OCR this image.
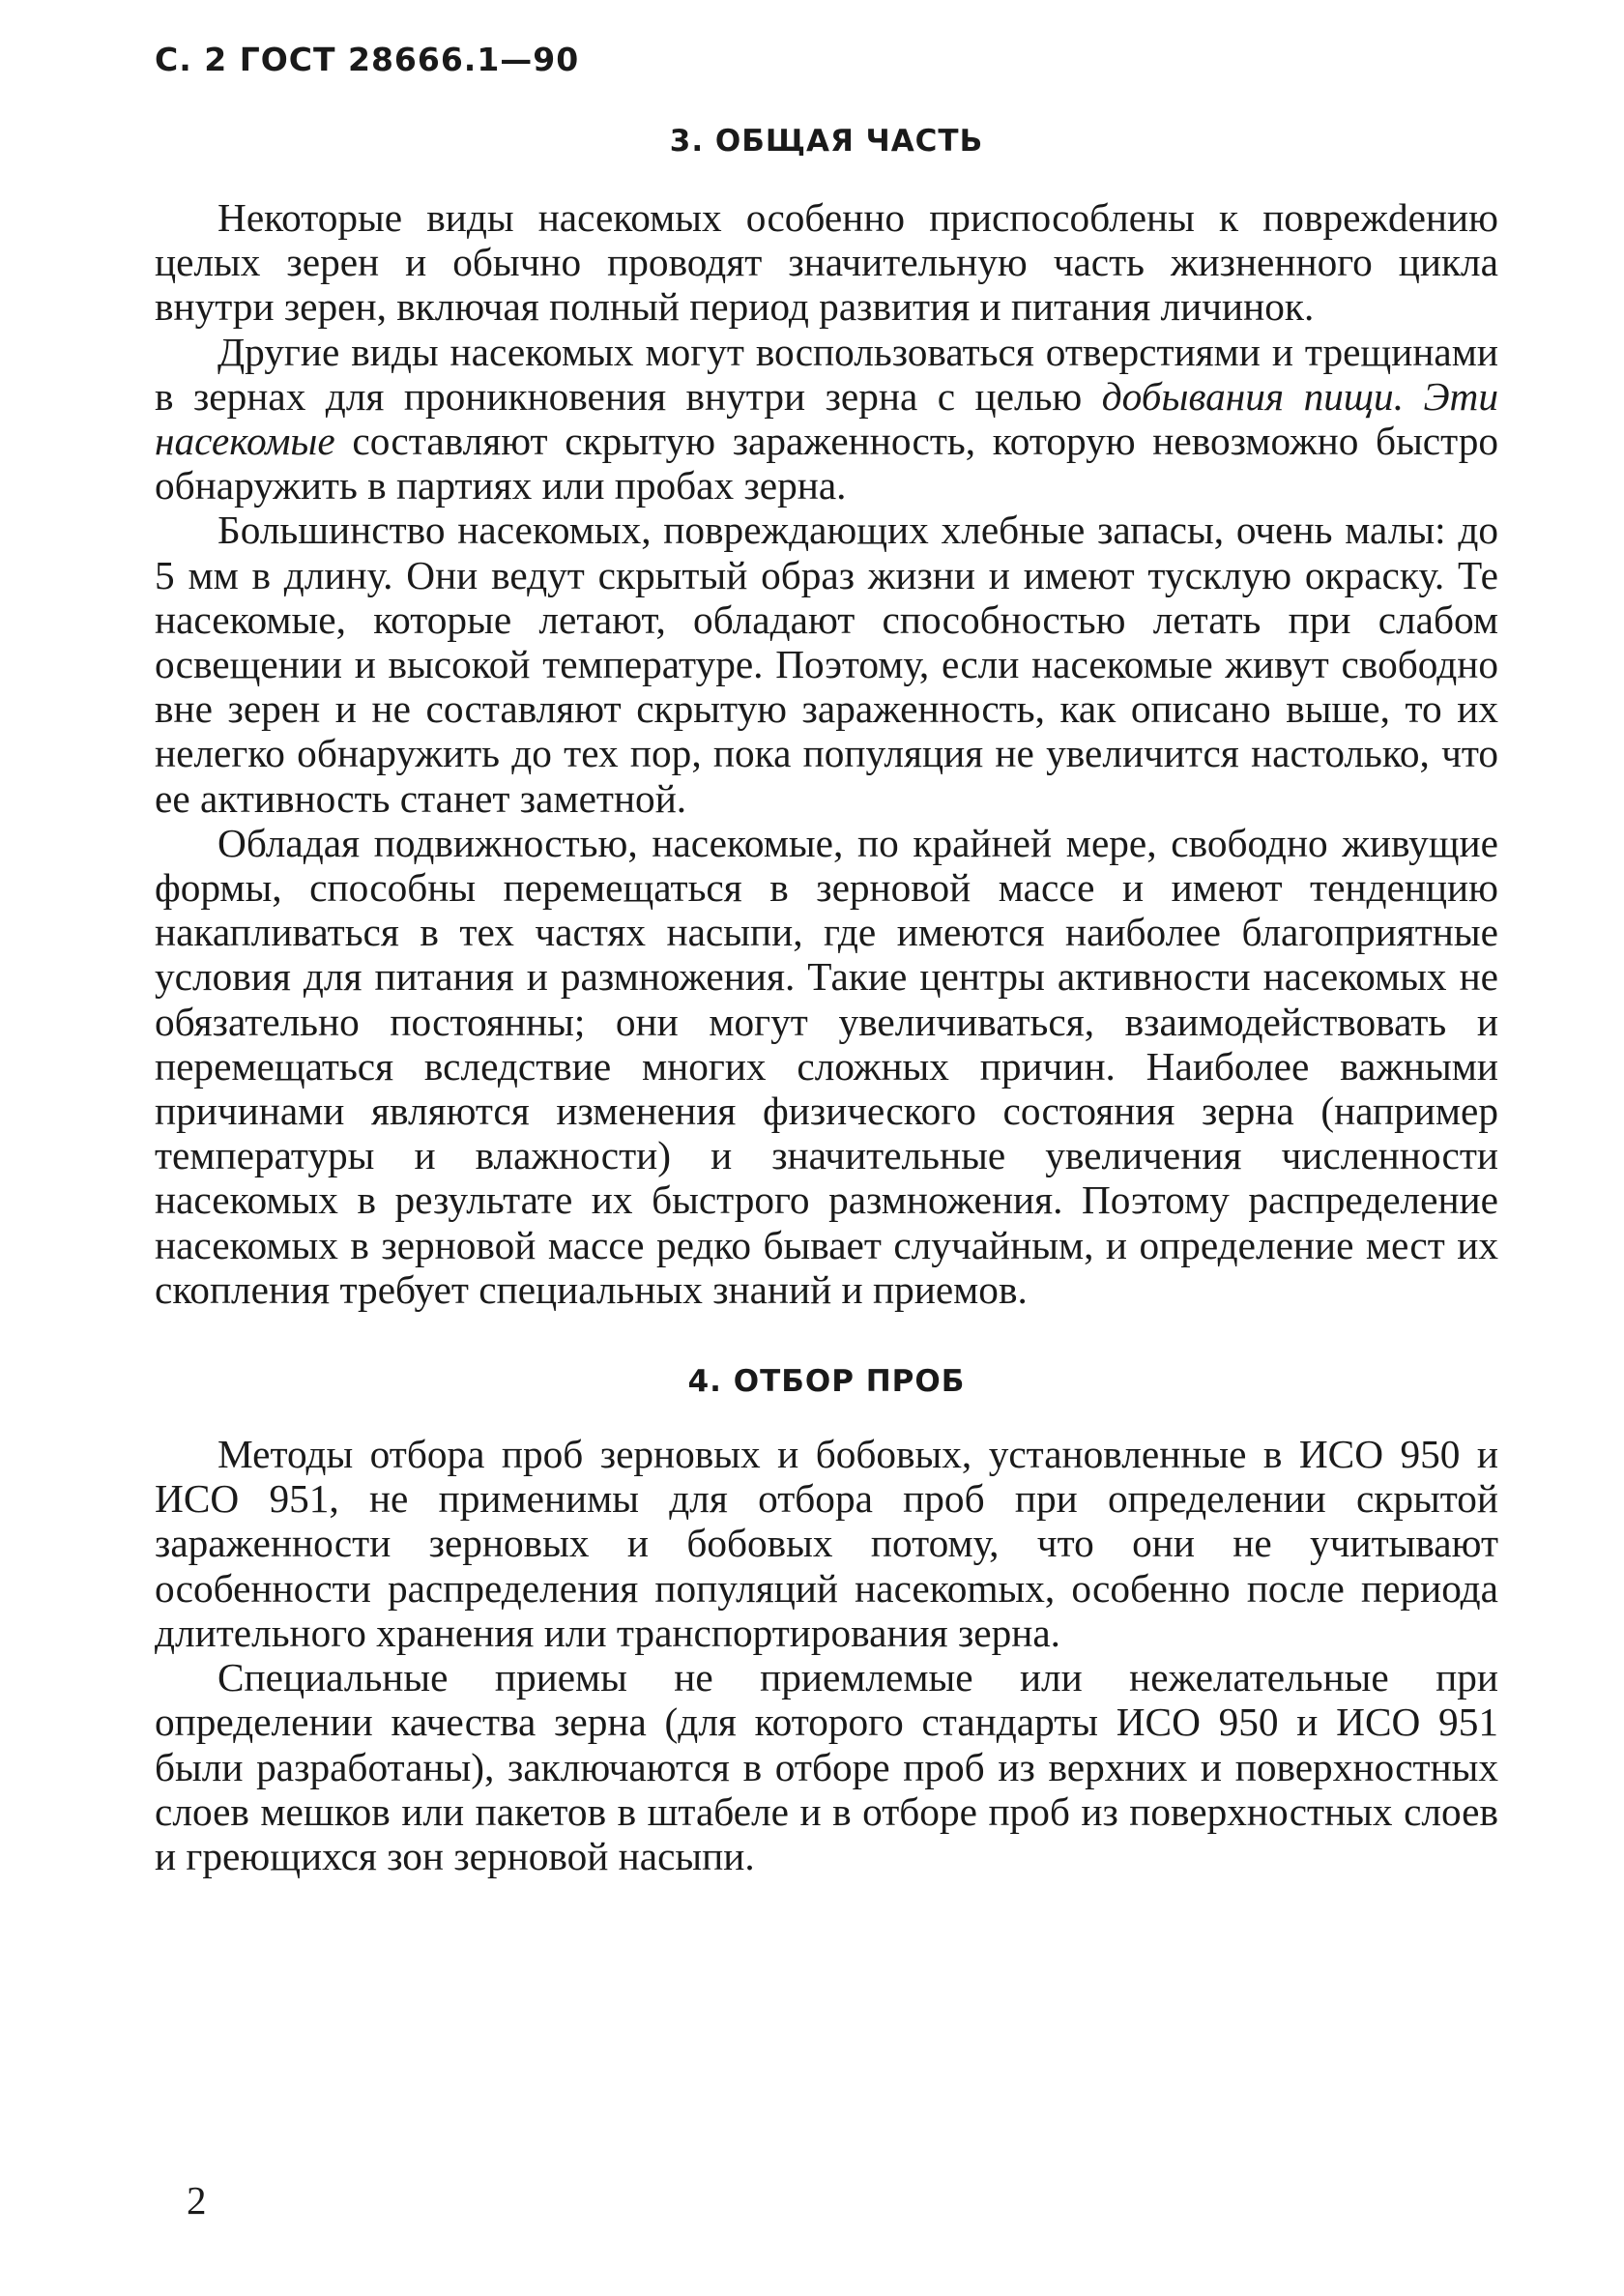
С. 2 ГОСТ 28666.1—90
3. ОБЩАЯ ЧАСТЬ

Некоторые виды насекомых особенно приспособлены к поврежdению целых зерен и обычно проводят значительную часть жизненного цикла внутри зерен, включая полный период развития и питания личинок.

Другие виды насекомых могут воспользоваться отверстиями и трещинами в зернах для проникновения внутри зерна с целью добывания пищи. Эти насекомые составляют скрытую зараженность, которую невозможно быстро обнаружить в партиях или пробах зерна.

Большинство насекомых, повреждающих хлебные запасы, очень малы: до 5 мм в длину. Они ведут скрытый образ жизни и имеют тусклую окраску. Те насекомые, которые летают, обладают способностью летать при слабом освещении и высокой температуре. Поэтому, если насекомые живут свободно вне зерен и не составляют скрытую зараженность, как описано выше, то их нелегко обнаружить до тех пор, пока популяция не увеличится настолько, что ее активность станет заметной.

Обладая подвижностью, насекомые, по крайней мере, свободно живущие формы, способны перемещаться в зерновой массе и имеют тенденцию накапливаться в тех частях насыпи, где имеются наиболее благоприятные условия для питания и размножения. Такие центры активности насекомых не обязательно постоянны; они могут увеличиваться, взаимодействовать и перемещаться вследствие многих сложных причин. Наиболее важными причинами являются изменения физического состояния зерна (например температуры и влажности) и значительные увеличения численности насекомых в результате их быстрого размножения. Поэтому распределение насекомых в зерновой массе редко бывает случайным, и определение мест их скопления требует специальных знаний и приемов.

4. ОТБОР ПРОБ

Методы отбора проб зерновых и бобовых, установленные в ИСО 950 и ИСО 951, не применимы для отбора проб при определении скрытой зараженности зерновых и бобовых потому, что они не учитывают особенности распределения популяций насекоmых, особенно после периода длительного хранения или транспортирования зерна.

Специальные приемы не приемлемые или нежелательные при определении качества зерна (для которого стандарты ИСО 950 и ИСО 951 были разработаны), заключаются в отборе проб из верхних и поверхностных слоев мешков или пакетов в штабеле и в отборе проб из поверхностных слоев и греющихся зон зерновой насыпи.

2
